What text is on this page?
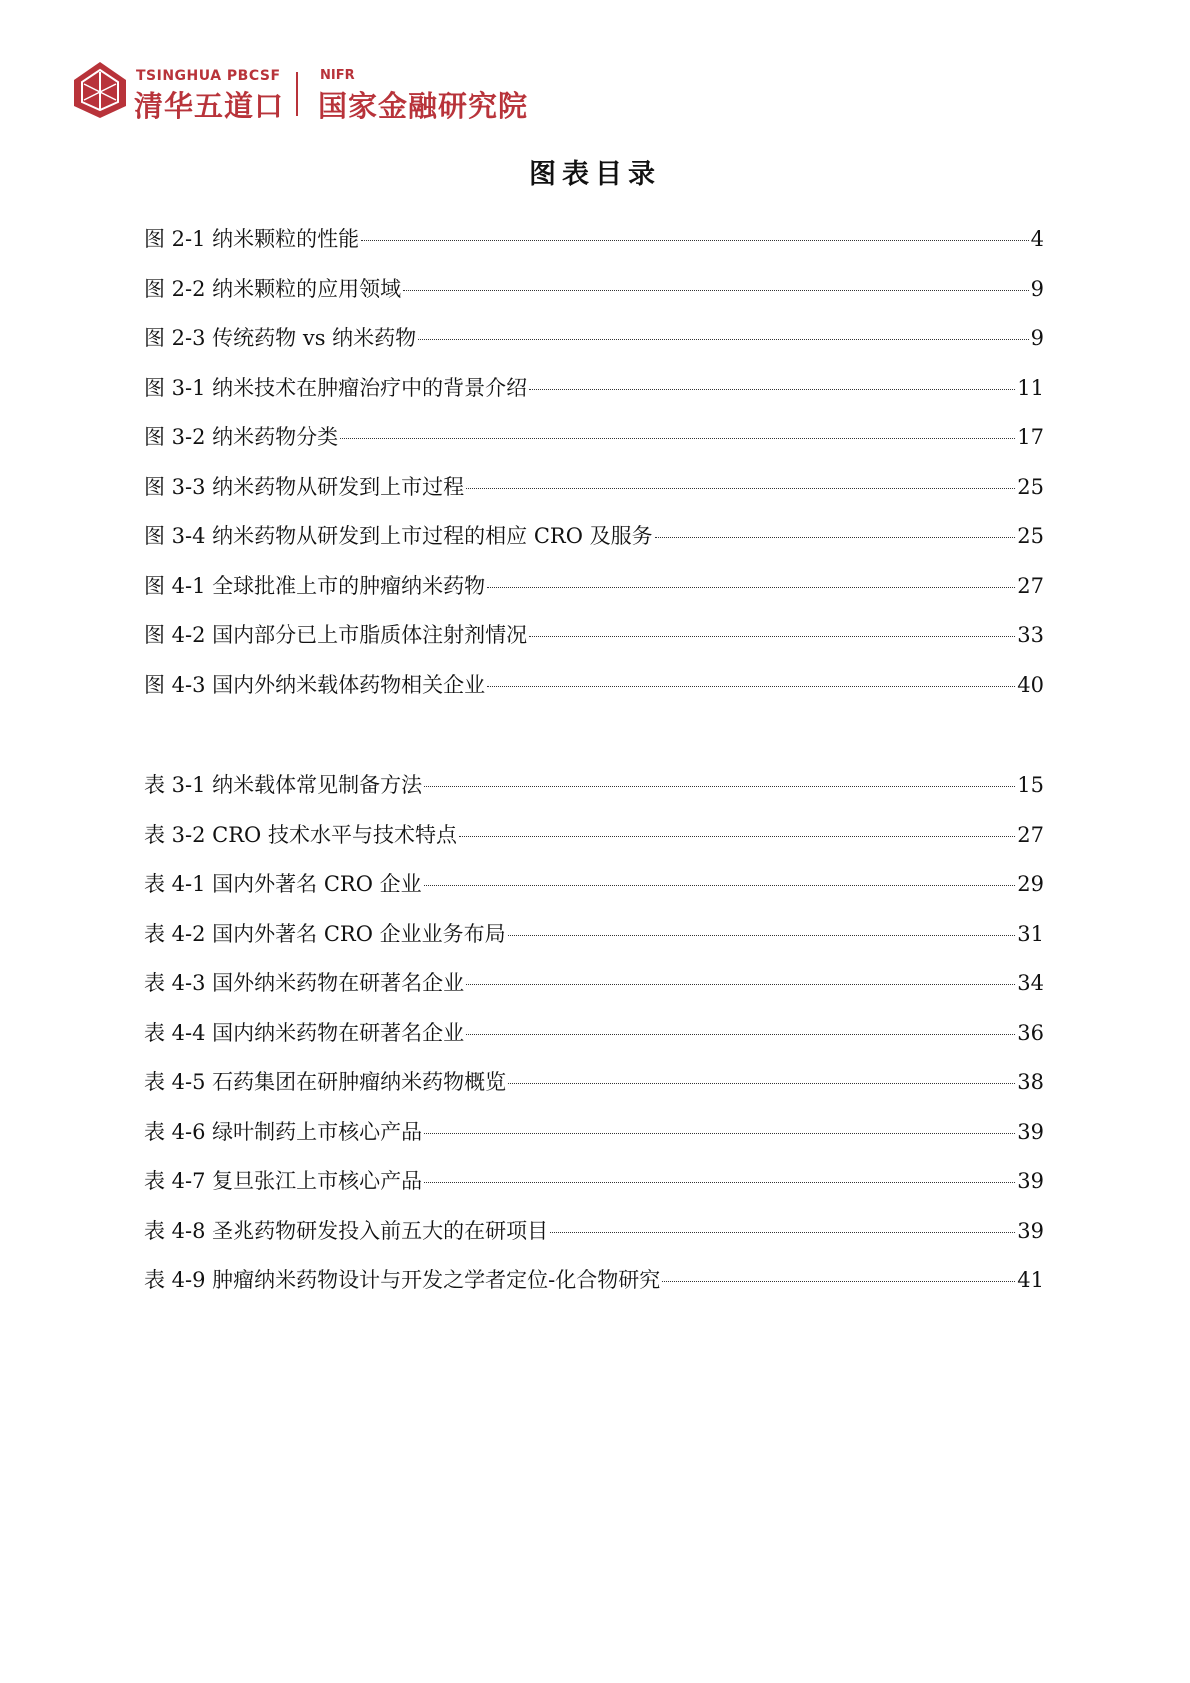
TSINGHUA PBCSF
清华五道口
NIFR
国家金融研究院
图表目录
图 2-1 纳米颗粒的性能	4
图 2-2 纳米颗粒的应用领域	9
图 2-3 传统药物 vs 纳米药物	9
图 3-1 纳米技术在肿瘤治疗中的背景介绍	11
图 3-2 纳米药物分类	17
图 3-3 纳米药物从研发到上市过程	25
图 3-4 纳米药物从研发到上市过程的相应 CRO 及服务	25
图 4-1 全球批准上市的肿瘤纳米药物	27
图 4-2 国内部分已上市脂质体注射剂情况	33
图 4-3 国内外纳米载体药物相关企业	40
表 3-1 纳米载体常见制备方法	15
表 3-2 CRO 技术水平与技术特点	27
表 4-1 国内外著名 CRO 企业	29
表 4-2 国内外著名 CRO 企业业务布局	31
表 4-3 国外纳米药物在研著名企业	34
表 4-4 国内纳米药物在研著名企业	36
表 4-5 石药集团在研肿瘤纳米药物概览	38
表 4-6 绿叶制药上市核心产品	39
表 4-7 复旦张江上市核心产品	39
表 4-8 圣兆药物研发投入前五大的在研项目	39
表 4-9 肿瘤纳米药物设计与开发之学者定位-化合物研究	41
